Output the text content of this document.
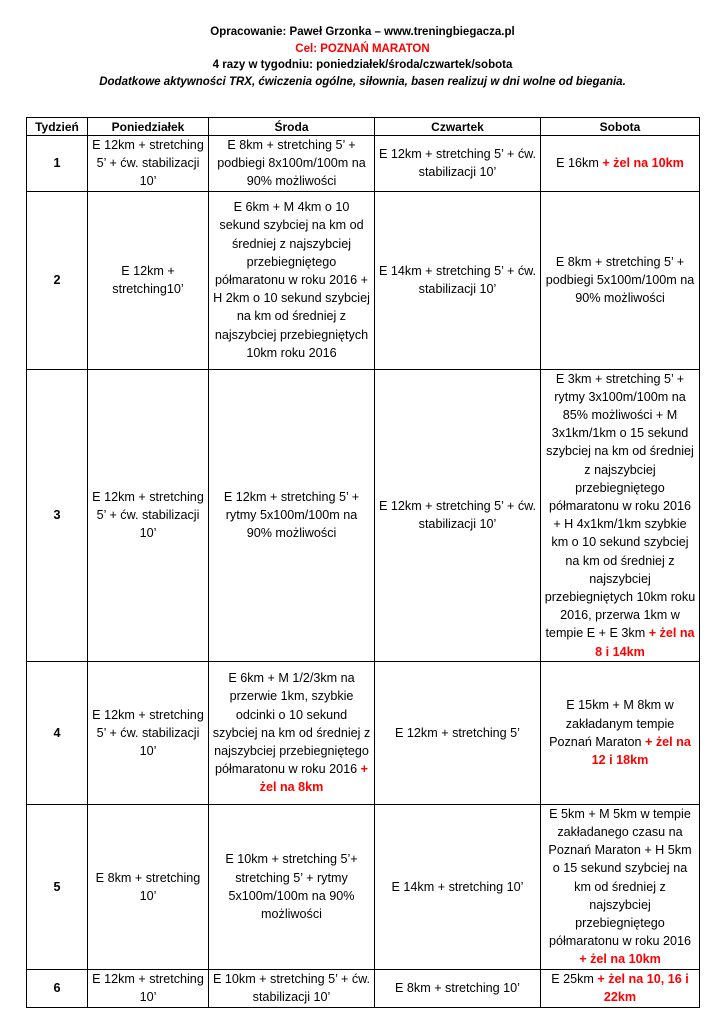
Opracowanie: Paweł Grzonka – www.treningbiegacza.pl
Cel: POZNAŃ MARATON
4 razy w tygodniu: poniedziałek/środa/czwartek/sobota
Dodatkowe aktywności TRX, ćwiczenia ogólne, siłownia, basen realizuj w dni wolne od biegania.
Tydzień	Poniedziałek	Środa	Czwartek	Sobota
1	E 12km + stretching 5’ + ćw. stabilizacji 10’	E 8km + stretching 5’ + podbiegi 8x100m/100m na 90% możliwości	E 12km + stretching 5’ + ćw. stabilizacji 10’	E 16km + żel na 10km
2	E 12km + stretching10’	E 6km + M 4km o 10 sekund szybciej na km od średniej z najszybciej przebiegniętego półmaratonu w roku 2016 + H 2km o 10 sekund szybciej na km od średniej z najszybciej przebiegniętych 10km roku 2016	E 14km + stretching 5’ + ćw. stabilizacji 10’	E 8km + stretching 5’ + podbiegi 5x100m/100m na 90% możliwości
3	E 12km + stretching 5’ + ćw. stabilizacji 10’	E 12km + stretching 5’ + rytmy 5x100m/100m na 90% możliwości	E 12km + stretching 5’ + ćw. stabilizacji 10’	E 3km + stretching 5’ + rytmy 3x100m/100m na 85% możliwości + M 3x1km/1km o 15 sekund szybciej na km od średniej z najszybciej przebiegniętego półmaratonu w roku 2016 + H 4x1km/1km szybkie km o 10 sekund szybciej na km od średniej z najszybciej przebiegniętych 10km roku 2016, przerwa 1km w tempie E + E 3km + żel na 8 i 14km
4	E 12km + stretching 5’ + ćw. stabilizacji 10’	E 6km + M 1/2/3km na przerwie 1km, szybkie odcinki o 10 sekund szybciej na km od średniej z najszybciej przebiegniętego półmaratonu w roku 2016 + żel na 8km	E 12km + stretching 5’	E 15km + M 8km w zakładanym tempie Poznań Maraton + żel na 12 i 18km
5	E 8km + stretching 10’	E 10km + stretching 5’+ stretching 5’ + rytmy 5x100m/100m na 90% możliwości	E 14km + stretching 10’	E 5km + M 5km w tempie zakładanego czasu na Poznań Maraton + H 5km o 15 sekund szybciej na km od średniej z najszybciej przebiegniętego półmaratonu w roku 2016 + żel na 10km
6	E 12km + stretching 10’	E 10km + stretching 5’ + ćw. stabilizacji 10’	E 8km + stretching 10’	E 25km + żel na 10, 16 i 22km
